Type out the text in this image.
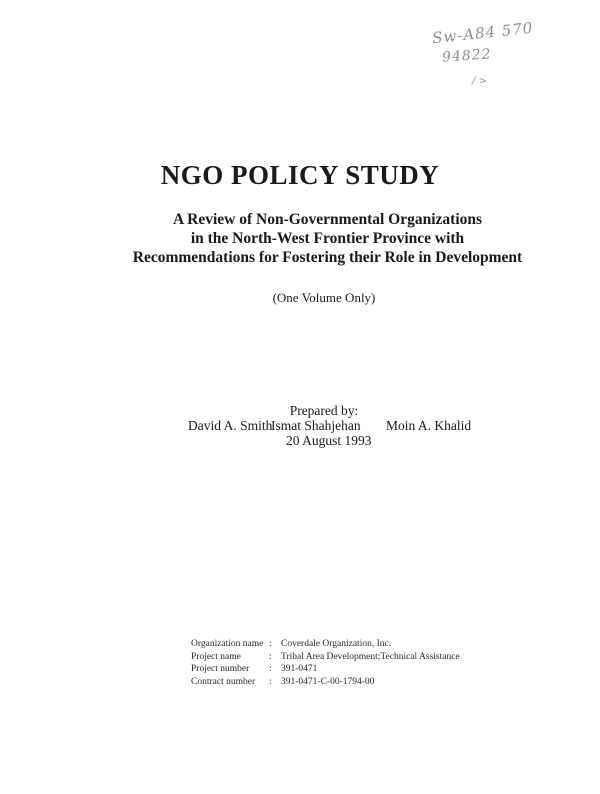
Sw-A84 570
94822
/ >
NGO POLICY STUDY
A Review of Non-Governmental Organizations
in the North-West Frontier Province with
Recommendations for Fostering their Role in Development
(One Volume Only)
Prepared by:
David A. Smith
Ismat Shahjehan Moin A. Khalid
20 August 1993
Organization name : Coverdale Organization, Inc.
Project name	: Tribal Area Development;Technical Assistance
Project number	: 391-0471
Contract number	: 391-0471-C-00-1794-00
